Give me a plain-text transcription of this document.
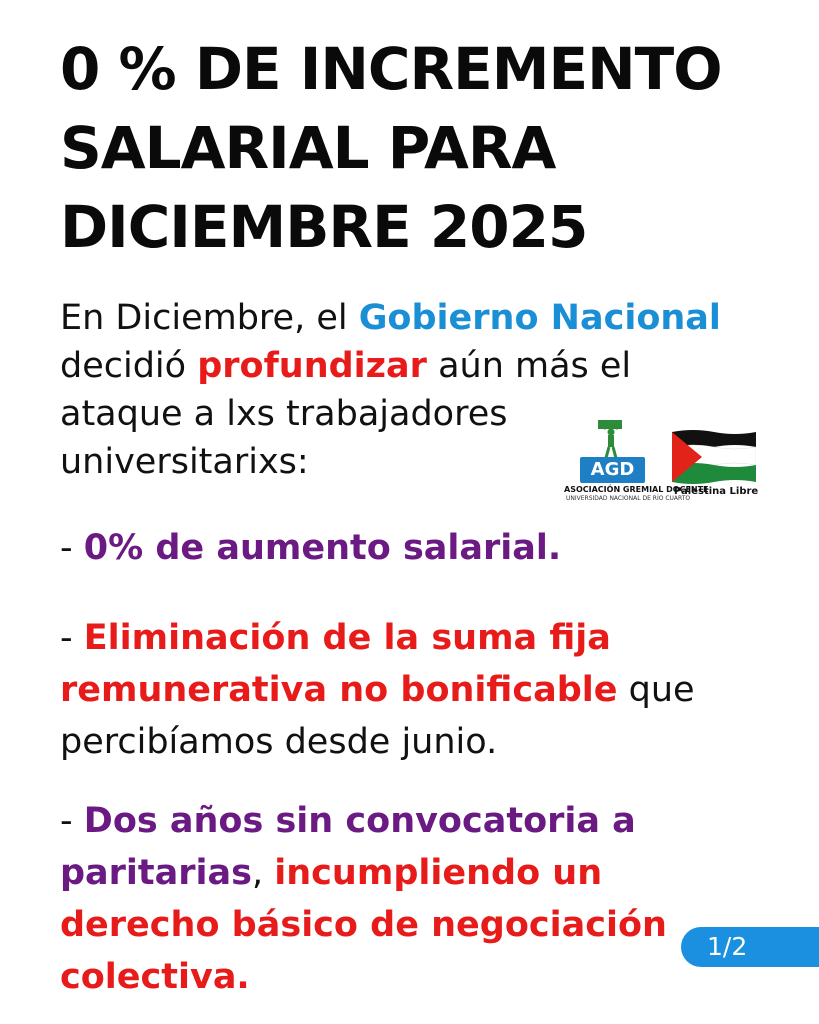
0 % DE INCREMENTO
SALARIAL PARA
DICIEMBRE 2025

En Diciembre, el Gobierno Nacional
decidió profundizar aún más el
ataque a lxs trabajadores
universitarixs:	AGD
ASOCIACIÓN GREMIAL DOCENTE
UNIVERSIDAD NACIONAL DE RÍO CUARTO
Palestina Libre

- 0% de aumento salarial.

- Eliminación de la suma fija
remunerativa no bonificable que
percibíamos desde junio.

- Dos años sin convocatoria a
paritarias, incumpliendo un
derecho básico de negociación
colectiva.

1/2
